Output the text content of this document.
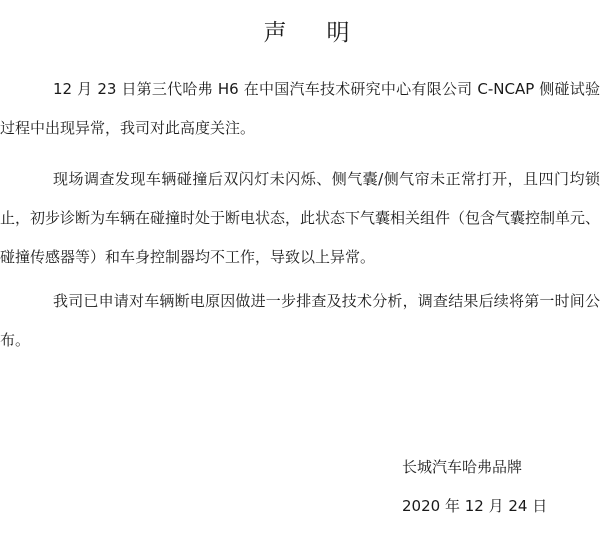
声明

12 月 23 日第三代哈弗 H6 在中国汽车技术研究中心有限公司 C-NCAP 侧碰试验过程中出现异常，我司对此高度关注。

现场调查发现车辆碰撞后双闪灯未闪烁、侧气囊/侧气帘未正常打开，且四门均锁止，初步诊断为车辆在碰撞时处于断电状态，此状态下气囊相关组件（包含气囊控制单元、碰撞传感器等）和车身控制器均不工作，导致以上异常。

我司已申请对车辆断电原因做进一步排查及技术分析，调查结果后续将第一时间公布。

长城汽车哈弗品牌

2020 年 12 月 24 日
